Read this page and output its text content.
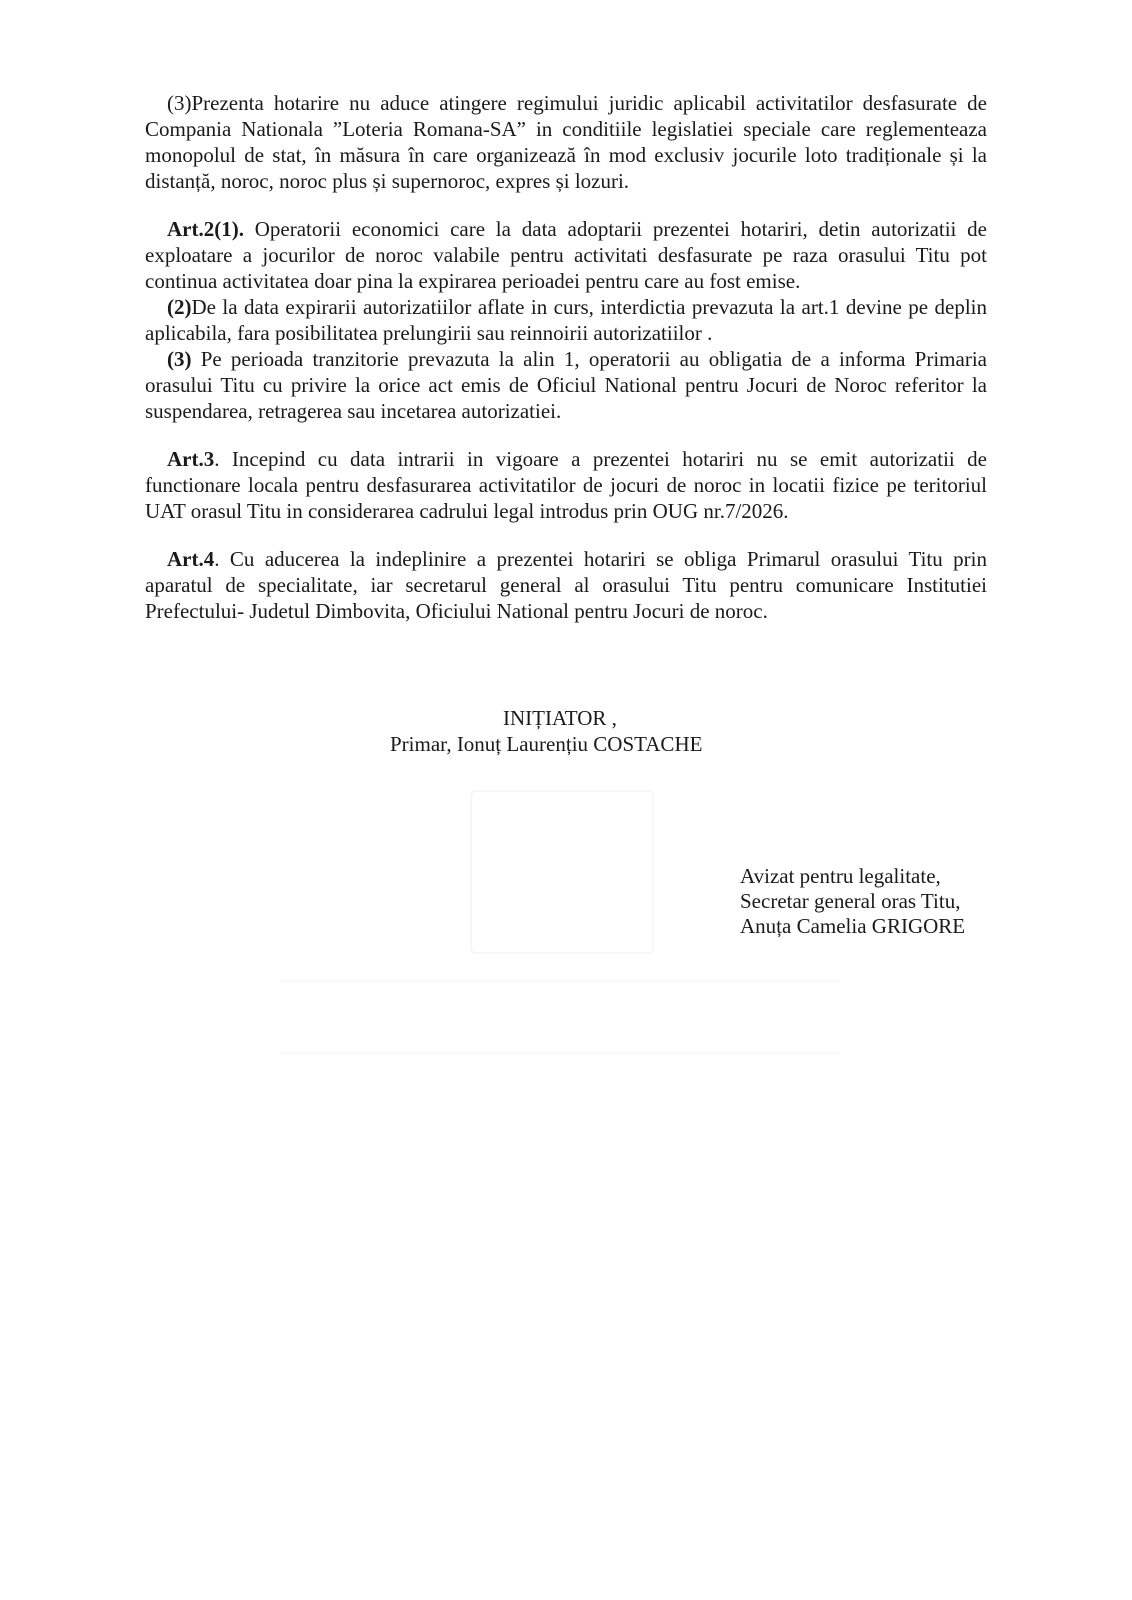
(3)Prezenta hotarire nu aduce atingere regimului juridic aplicabil activitatilor desfasurate de Compania Nationala ”Loteria Romana-SA” in conditiile legislatiei speciale care reglementeaza monopolul de stat, în măsura în care organizează în mod exclusiv jocurile loto tradiționale și la distanță, noroc, noroc plus și supernoroc, expres și lozuri.

Art.2(1). Operatorii economici care la data adoptarii prezentei hotariri, detin autorizatii de exploatare a jocurilor de noroc valabile pentru activitati desfasurate pe raza orasului Titu pot continua activitatea doar pina la expirarea perioadei pentru care au fost emise.

(2)De la data expirarii autorizatiilor aflate in curs, interdictia prevazuta la art.1 devine pe deplin aplicabila, fara posibilitatea prelungirii sau reinnoirii autorizatiilor .

(3) Pe perioada tranzitorie prevazuta la alin 1, operatorii au obligatia de a informa Primaria orasului Titu cu privire la orice act emis de Oficiul National pentru Jocuri de Noroc referitor la suspendarea, retragerea sau incetarea autorizatiei.

Art.3. Incepind cu data intrarii in vigoare a prezentei hotariri nu se emit autorizatii de functionare locala pentru desfasurarea activitatilor de jocuri de noroc in locatii fizice pe teritoriul UAT orasul Titu in considerarea cadrului legal introdus prin OUG nr.7/2026.

Art.4. Cu aducerea la indeplinire a prezentei hotariri se obliga Primarul orasului Titu prin aparatul de specialitate, iar secretarul general al orasului Titu pentru comunicare Institutiei Prefectului- Judetul Dimbovita, Oficiului National pentru Jocuri de noroc.

INIȚIATOR ,
Primar, Ionuț Laurențiu COSTACHE
Avizat pentru legalitate,
Secretar general oras Titu,
Anuța Camelia GRIGORE
